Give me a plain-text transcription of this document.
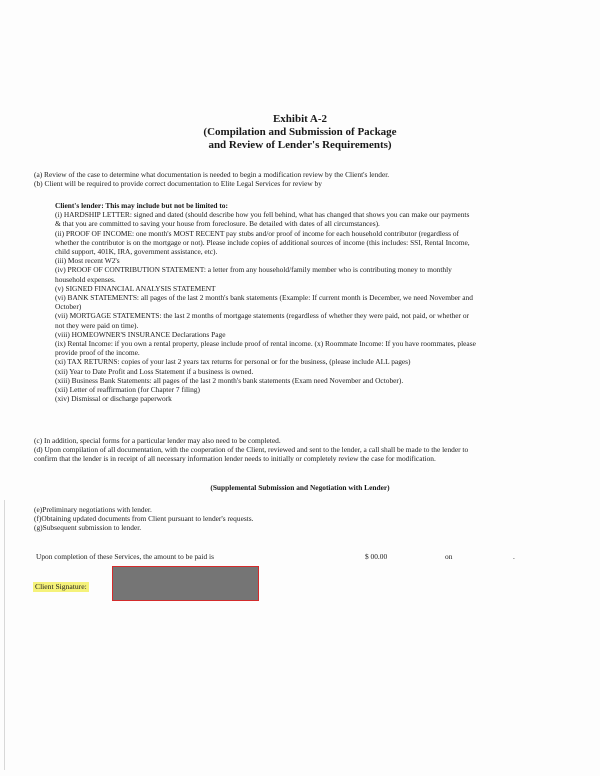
Exhibit A-2
(Compilation and Submission of Package
and Review of Lender's Requirements)
(a) Review of the case to determine what documentation is needed to begin a modification review by the Client's lender.
(b) Client will be required to provide correct documentation to Elite Legal Services for review by
Client's lender: This may include but not be limited to:
(i) HARDSHIP LETTER: signed and dated (should describe how you fell behind, what has changed that shows you can make our payments
& that you are committed to saving your house from foreclosure. Be detailed with dates of all circumstances).
(ii) PROOF OF INCOME: one month's MOST RECENT pay stubs and/or proof of income for each household contributor (regardless of
whether the contributor is on the mortgage or not). Please include copies of additional sources of income (this includes: SSI, Rental Income,
child support, 401K, IRA, government assistance, etc).
(iii) Most recent W2's
(iv) PROOF OF CONTRIBUTION STATEMENT: a letter from any household/family member who is contributing money to monthly
household expenses.
(v) SIGNED FINANCIAL ANALYSIS STATEMENT
(vi) BANK STATEMENTS: all pages of the last 2 month's bank statements (Example: If current month is December, we need November and
October)
(vii) MORTGAGE STATEMENTS: the last 2 months of mortgage statements (regardless of whether they were paid, not paid, or whether or
not they were paid on time).
(viii) HOMEOWNER'S INSURANCE Declarations Page
(ix) Rental Income: if you own a rental property, please include proof of rental income. (x) Roommate Income: If you have roommates, please
provide proof of the income.
(xi) TAX RETURNS: copies of your last 2 years tax returns for personal or for the business, (please include ALL pages)
(xii) Year to Date Profit and Loss Statement if a business is owned.
(xiii) Business Bank Statements: all pages of the last 2 month's bank statements (Exam need November and October).
(xii) Letter of reaffirmation (for Chapter 7 filing)
(xiv) Dismissal or discharge paperwork
(c) In addition, special forms for a particular lender may also need to be completed.
(d) Upon compilation of all documentation, with the cooperation of the Client, reviewed and sent to the lender, a call shall be made to the lender to
confirm that the lender is in receipt of all necessary information lender needs to initially or completely review the case for modification.
(Supplemental Submission and Negotiation with Lender)
(e)Preliminary negotiations with lender.
(f)Obtaining updated documents from Client pursuant to lender's requests.
(g)Subsequent submission to lender.
Upon completion of these Services, the amount to be paid is	$ 00.00	on	.
Client Signature:
